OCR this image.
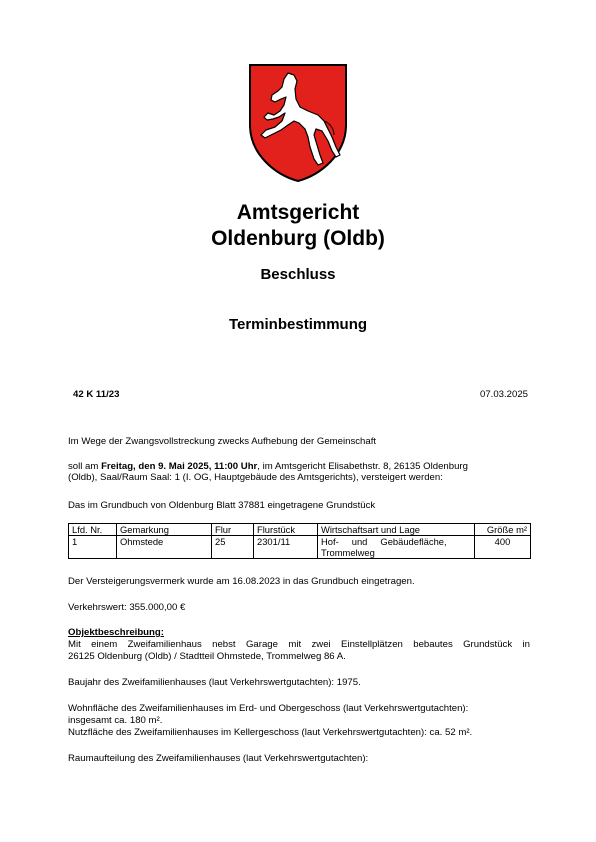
Amtsgericht
Oldenburg (Oldb)
Beschluss
Terminbestimmung
42 K 11/23	07.03.2025
Im Wege der Zwangsvollstreckung zwecks Aufhebung der Gemeinschaft
soll am Freitag, den 9. Mai 2025, 11:00 Uhr, im Amtsgericht Elisabethstr. 8, 26135 Oldenburg
(Oldb), Saal/Raum Saal: 1 (I. OG, Hauptgebäude des Amtsgerichts), versteigert werden:
Das im Grundbuch von Oldenburg Blatt 37881 eingetragene Grundstück
Lfd. Nr.	Gemarkung	Flur	Flurstück	Wirtschaftsart und Lage	Größe m²
1	Ohmstede	25	2301/11	Hof-     und     Gebäudefläche, Trommelweg	400
Der Versteigerungsvermerk wurde am 16.08.2023 in das Grundbuch eingetragen.
Verkehrswert: 355.000,00 €
Objektbeschreibung:
Mit einem Zweifamilienhaus nebst Garage mit zwei Einstellplätzen bebautes Grundstück in
26125 Oldenburg (Oldb) / Stadtteil Ohmstede, Trommelweg 86 A.
Baujahr des Zweifamilienhauses (laut Verkehrswertgutachten): 1975.
Wohnfläche des Zweifamilienhauses im Erd- und Obergeschoss (laut Verkehrswertgutachten):
insgesamt ca. 180 m².
Nutzfläche des Zweifamilienhauses im Kellergeschoss (laut Verkehrswertgutachten): ca. 52 m².
Raumaufteilung des Zweifamilienhauses (laut Verkehrswertgutachten):
